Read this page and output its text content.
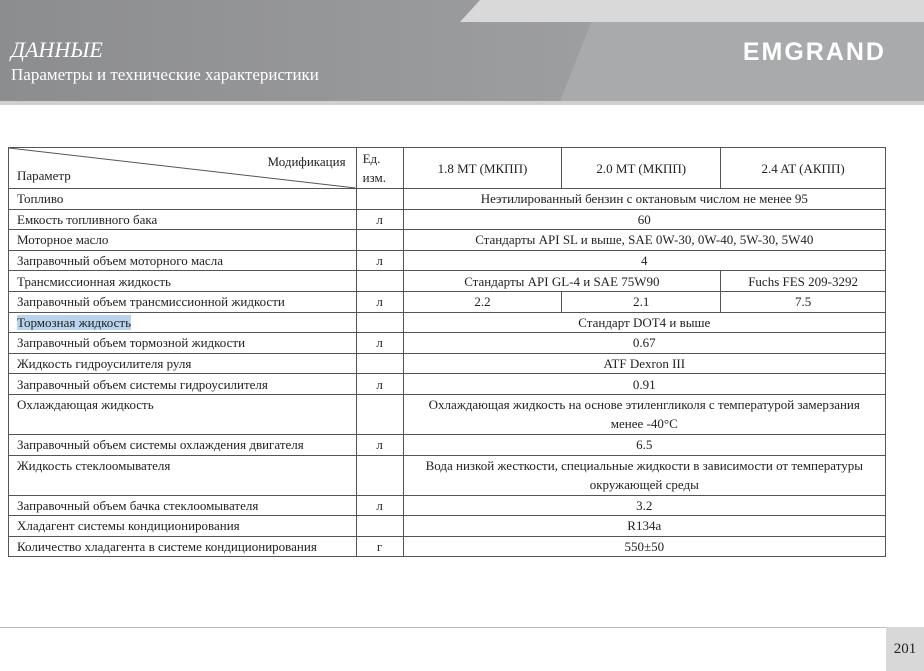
ДАННЫЕ
Параметры и технические характеристики
EMGRAND
Модификация
Параметр	Ед. изм.	1.8 MT (МКПП)	2.0 MT (МКПП)	2.4 AT (АКПП)
Топливо		Неэтилированный бензин с октановым числом не менее 95		
Емкость топливного бака	л	60		
Моторное масло		Стандарты API SL и выше, SAE 0W-30, 0W-40, 5W-30, 5W40		
Заправочный объем моторного масла	л	4		
Трансмиссионная жидкость		Стандарты API GL-4 и SAE 75W90		Fuchs FES 209-3292
Заправочный объем трансмиссионной жидкости	л	2.2	2.1	7.5
Тормозная жидкость		Стандарт DOT4 и выше		
Заправочный объем тормозной жидкости	л	0.67		
Жидкость гидроусилителя руля		ATF Dexron III		
Заправочный объем системы гидроусилителя	л	0.91		
Охлаждающая жидкость		Охлаждающая жидкость на основе этиленгликоля с температурой замерзания менее -40°C		
Заправочный объем системы охлаждения двигателя	л	6.5		
Жидкость стеклоомывателя		Вода низкой жесткости, специальные жидкости в зависимости от температуры окружающей среды		
Заправочный объем бачка стеклоомывателя	л	3.2		
Хладагент системы кондиционирования		R134a		
Количество хладагента в системе кондиционирования	г	550±50		
201
